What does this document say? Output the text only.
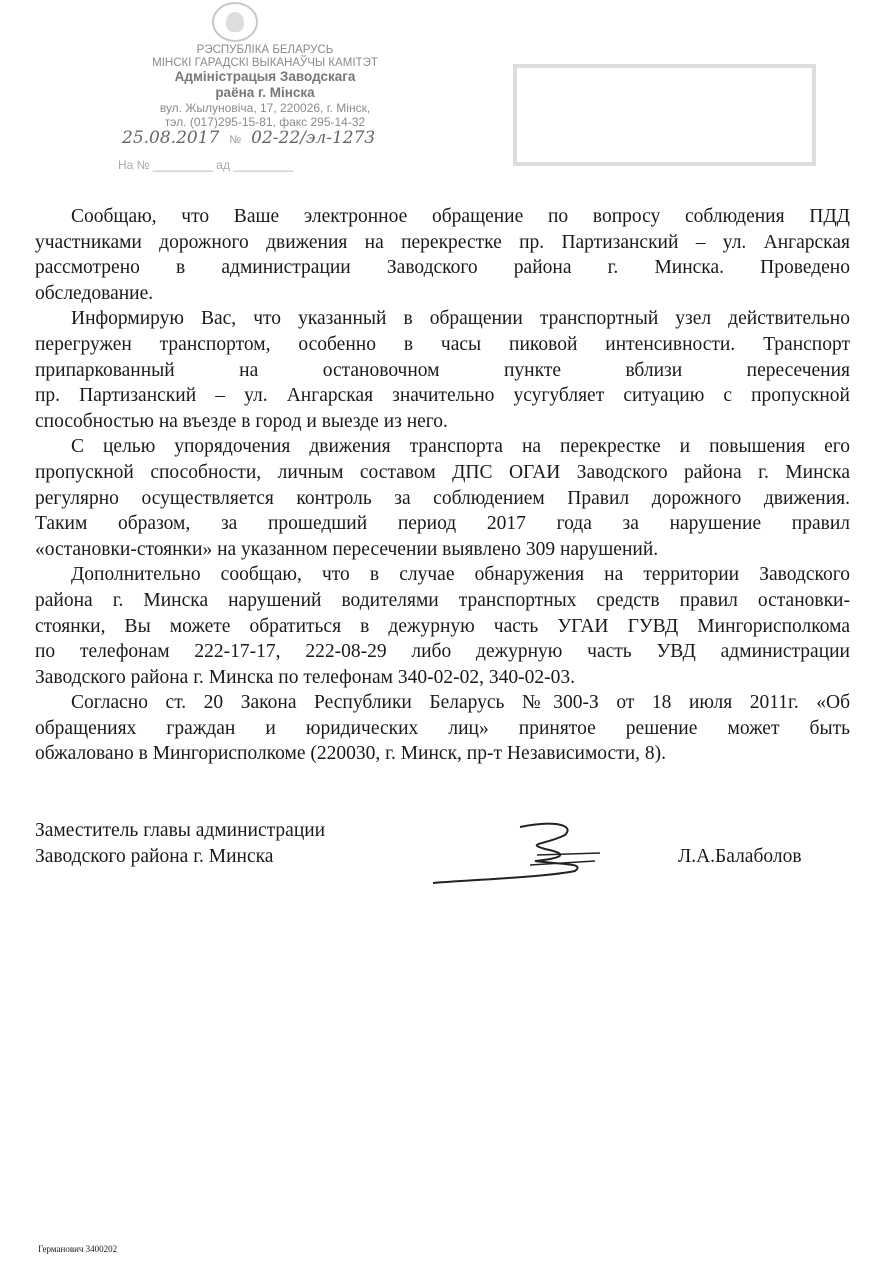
РЭСПУБЛІКА БЕЛАРУСЬ
МІНСКІ ГАРАДСКІ ВЫКАНАЎЧЫ КАМІТЭТ
Адміністрацыя Заводскага
раёна г. Мінска
вул. Жылуновіча, 17, 220026, г. Мінск,
тэл. (017)295-15-81, факс 295-14-32
25.08.2017 № 02-22/эл-1273
На № _________ ад _________
Сообщаю, что Ваше электронное обращение по вопросу соблюдения ПДД
участниками дорожного движения на перекрестке пр. Партизанский – ул. Ангарская
рассмотрено в администрации Заводского района г. Минска. Проведено
обследование.
Информирую Вас, что указанный в обращении транспортный узел действительно
перегружен транспортом, особенно в часы пиковой интенсивности. Транспорт
припаркованный на остановочном пункте вблизи пересечения
пр. Партизанский – ул. Ангарская значительно усугубляет ситуацию с пропускной
способностью на въезде в город и выезде из него.
С целью упорядочения движения транспорта на перекрестке и повышения его
пропускной способности, личным составом ДПС ОГАИ Заводского района г. Минска
регулярно осуществляется контроль за соблюдением Правил дорожного движения.
Таким образом, за прошедший период 2017 года за нарушение правил
«остановки-стоянки» на указанном пересечении выявлено 309 нарушений.
Дополнительно сообщаю, что в случае обнаружения на территории Заводского
района г. Минска нарушений водителями транспортных средств правил остановки-
стоянки, Вы можете обратиться в дежурную часть УГАИ ГУВД Мингорисполкома
по телефонам 222-17-17, 222-08-29 либо дежурную часть УВД администрации
Заводского района г. Минска по телефонам 340-02-02, 340-02-03.
Согласно ст. 20 Закона Республики Беларусь №300-З от 18 июля 2011г. «Об
обращениях граждан и юридических лиц» принятое решение может быть
обжаловано в Мингорисполкоме (220030, г. Минск, пр-т Независимости, 8).
Заместитель главы администрации
Заводского района г. Минска	Л.А.Балаболов
Германович 3400202
